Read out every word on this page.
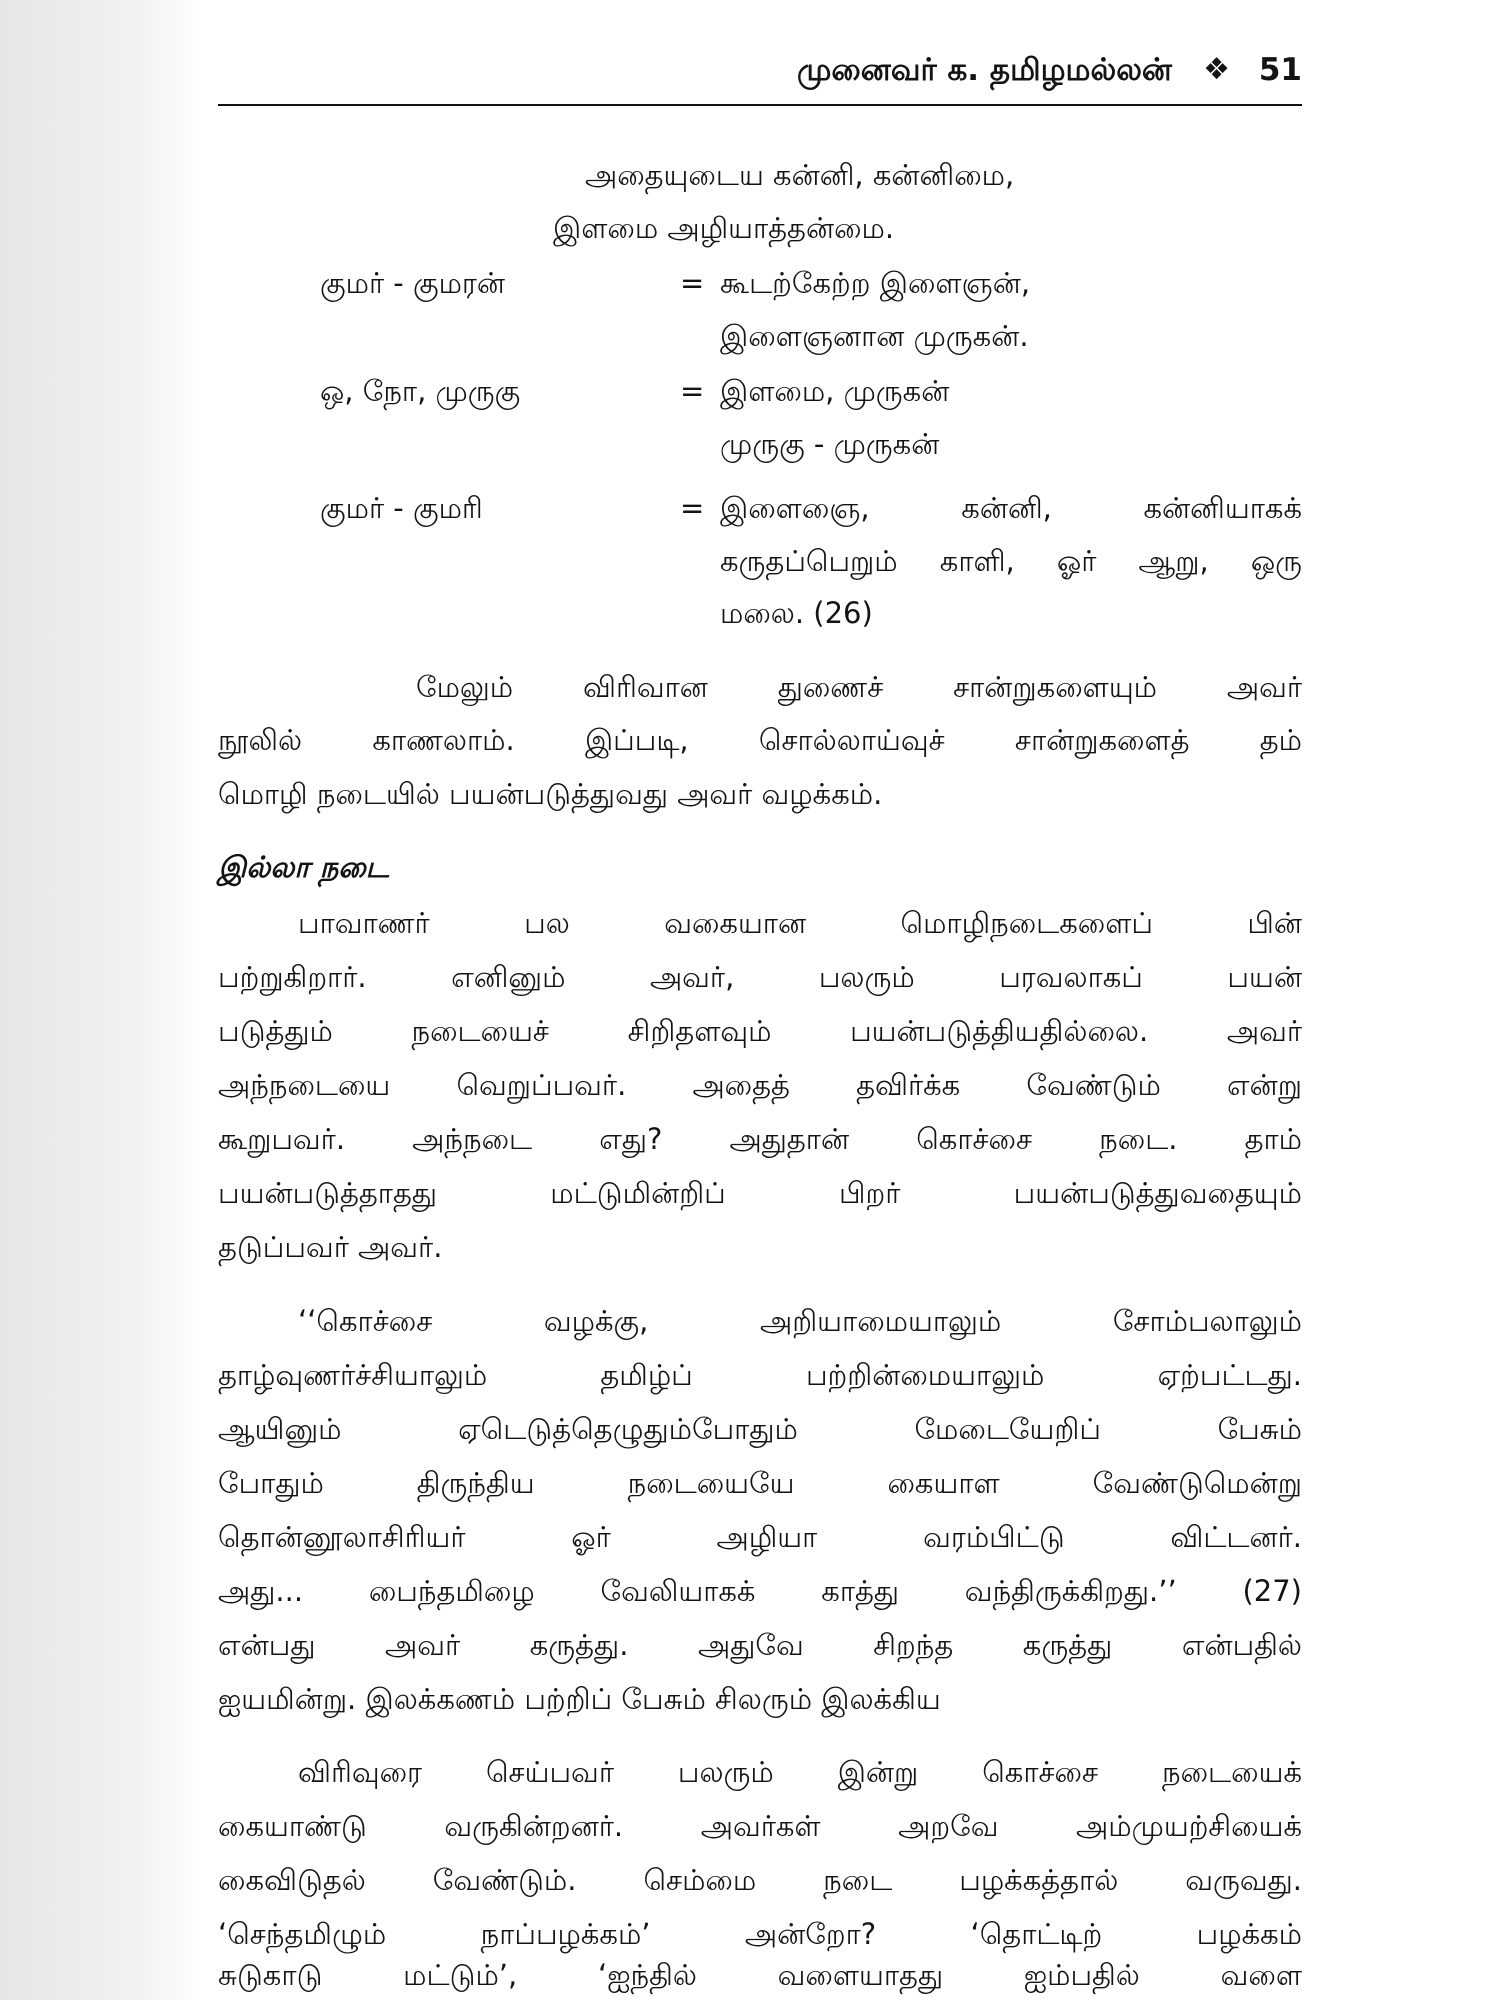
முனைவர் க. தமிழமல்லன் ❖ 51
அதையுடைய கன்னி, கன்னிமை,
இளமை அழியாத்தன்மை.
குமர் - குமரன்	= கூடற்கேற்ற இளைஞன்,
இளைஞனான முருகன்.
ஒ, நோ, முருகு	= இளமை, முருகன்
முருகு - முருகன்
குமர் - குமரி	= இளைஞை, கன்னி, கன்னியாகக்
கருதப்பெறும் காளி, ஓர் ஆறு, ஒரு
மலை. (26)
மேலும் விரிவான துணைச் சான்றுகளையும் அவர்
நூலில் காணலாம். இப்படி, சொல்லாய்வுச் சான்றுகளைத் தம்
மொழி நடையில் பயன்படுத்துவது அவர் வழக்கம்.
இல்லா நடை
பாவாணர் பல வகையான மொழிநடைகளைப் பின்
பற்றுகிறார். எனினும் அவர், பலரும் பரவலாகப் பயன்
படுத்தும் நடையைச் சிறிதளவும் பயன்படுத்தியதில்லை. அவர்
அந்நடையை வெறுப்பவர். அதைத் தவிர்க்க வேண்டும் என்று
கூறுபவர். அந்நடை எது? அதுதான் கொச்சை நடை. தாம்
பயன்படுத்தாதது மட்டுமின்றிப் பிறர் பயன்படுத்துவதையும்
தடுப்பவர் அவர்.
‘‘கொச்சை வழக்கு, அறியாமையாலும் சோம்பலாலும்
தாழ்வுணர்ச்சியாலும் தமிழ்ப் பற்றின்மையாலும் ஏற்பட்டது.
ஆயினும் ஏடெடுத்தெழுதும்போதும் மேடையேறிப் பேசும்
போதும் திருந்திய நடையையே கையாள வேண்டுமென்று
தொன்னூலாசிரியர் ஓர் அழியா வரம்பிட்டு விட்டனர்.
அது... பைந்தமிழை வேலியாகக் காத்து வந்திருக்கிறது.’’ (27)
என்பது அவர் கருத்து. அதுவே சிறந்த கருத்து என்பதில்
ஐயமின்று. இலக்கணம் பற்றிப் பேசும் சிலரும் இலக்கிய
விரிவுரை செய்பவர் பலரும் இன்று கொச்சை நடையைக்
கையாண்டு வருகின்றனர். அவர்கள் அறவே அம்முயற்சியைக்
கைவிடுதல் வேண்டும். செம்மை நடை பழக்கத்தால் வருவது.
‘செந்தமிழும் நாப்பழக்கம்’ அன்றோ? ‘தொட்டிற் பழக்கம்
சுடுகாடு மட்டும்’, ‘ஐந்தில் வளையாதது ஐம்பதில் வளை
